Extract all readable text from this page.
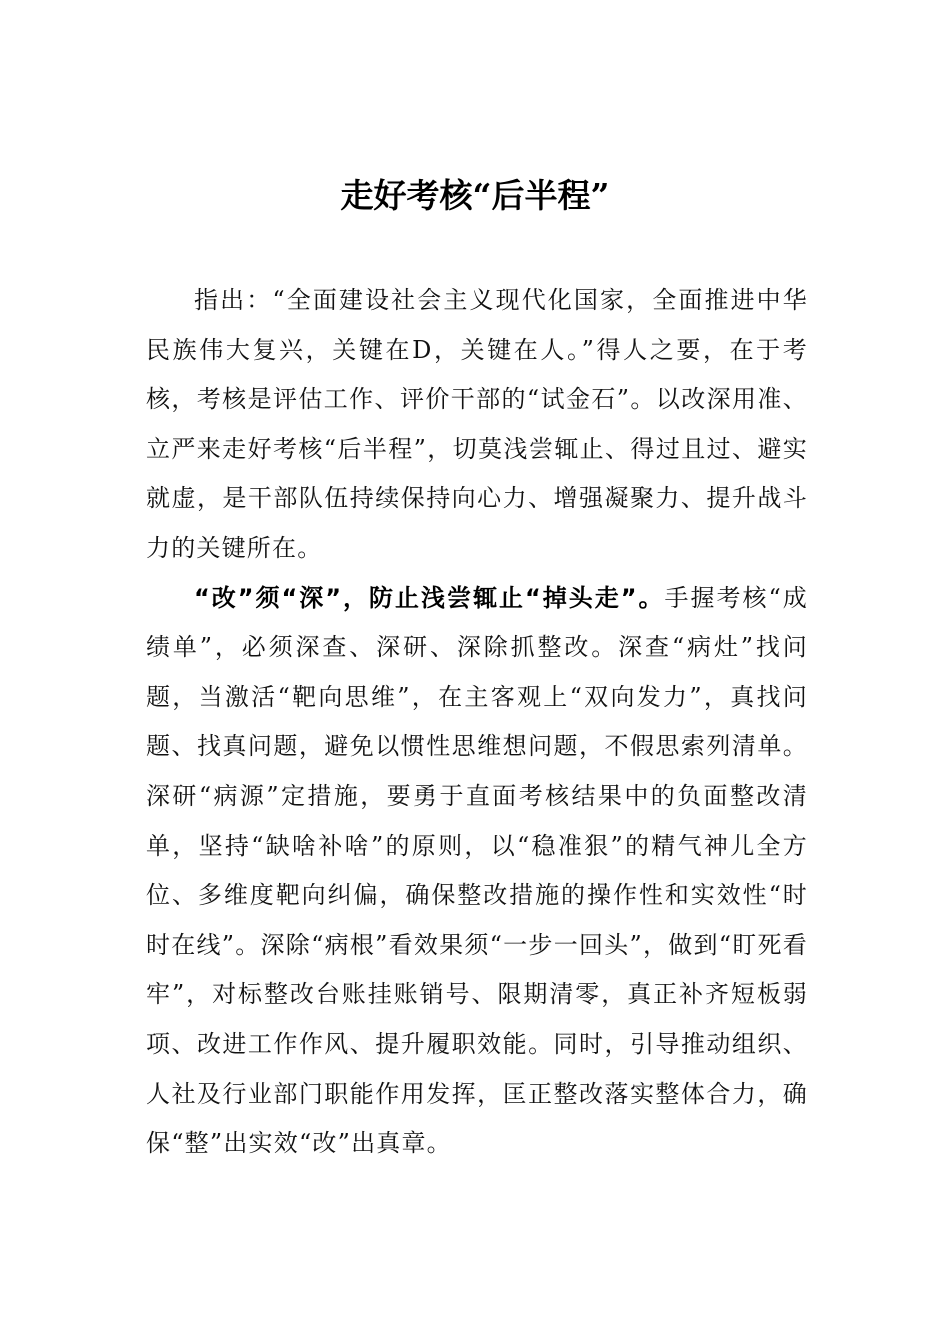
走好考核“后半程”

指出：“全面建设社会主义现代化国家，全面推进中华民族伟大复兴，关键在D，关键在人。”得人之要，在于考核，考核是评估工作、评价干部的“试金石”。以改深用准、立严来走好考核“后半程”，切莫浅尝辄止、得过且过、避实就虚，是干部队伍持续保持向心力、增强凝聚力、提升战斗力的关键所在。

“改”须“深”，防止浅尝辄止“掉头走”。手握考核“成绩单”，必须深查、深研、深除抓整改。深查“病灶”找问题，当激活“靶向思维”，在主客观上“双向发力”，真找问题、找真问题，避免以惯性思维想问题，不假思索列清单。深研“病源”定措施，要勇于直面考核结果中的负面整改清单，坚持“缺啥补啥”的原则，以“稳准狠”的精气神儿全方位、多维度靶向纠偏，确保整改措施的操作性和实效性“时时在线”。深除“病根”看效果须“一步一回头”，做到“盯死看牢”，对标整改台账挂账销号、限期清零，真正补齐短板弱项、改进工作作风、提升履职效能。同时，引导推动组织、人社及行业部门职能作用发挥，匡正整改落实整体合力，确保“整”出实效“改”出真章。
